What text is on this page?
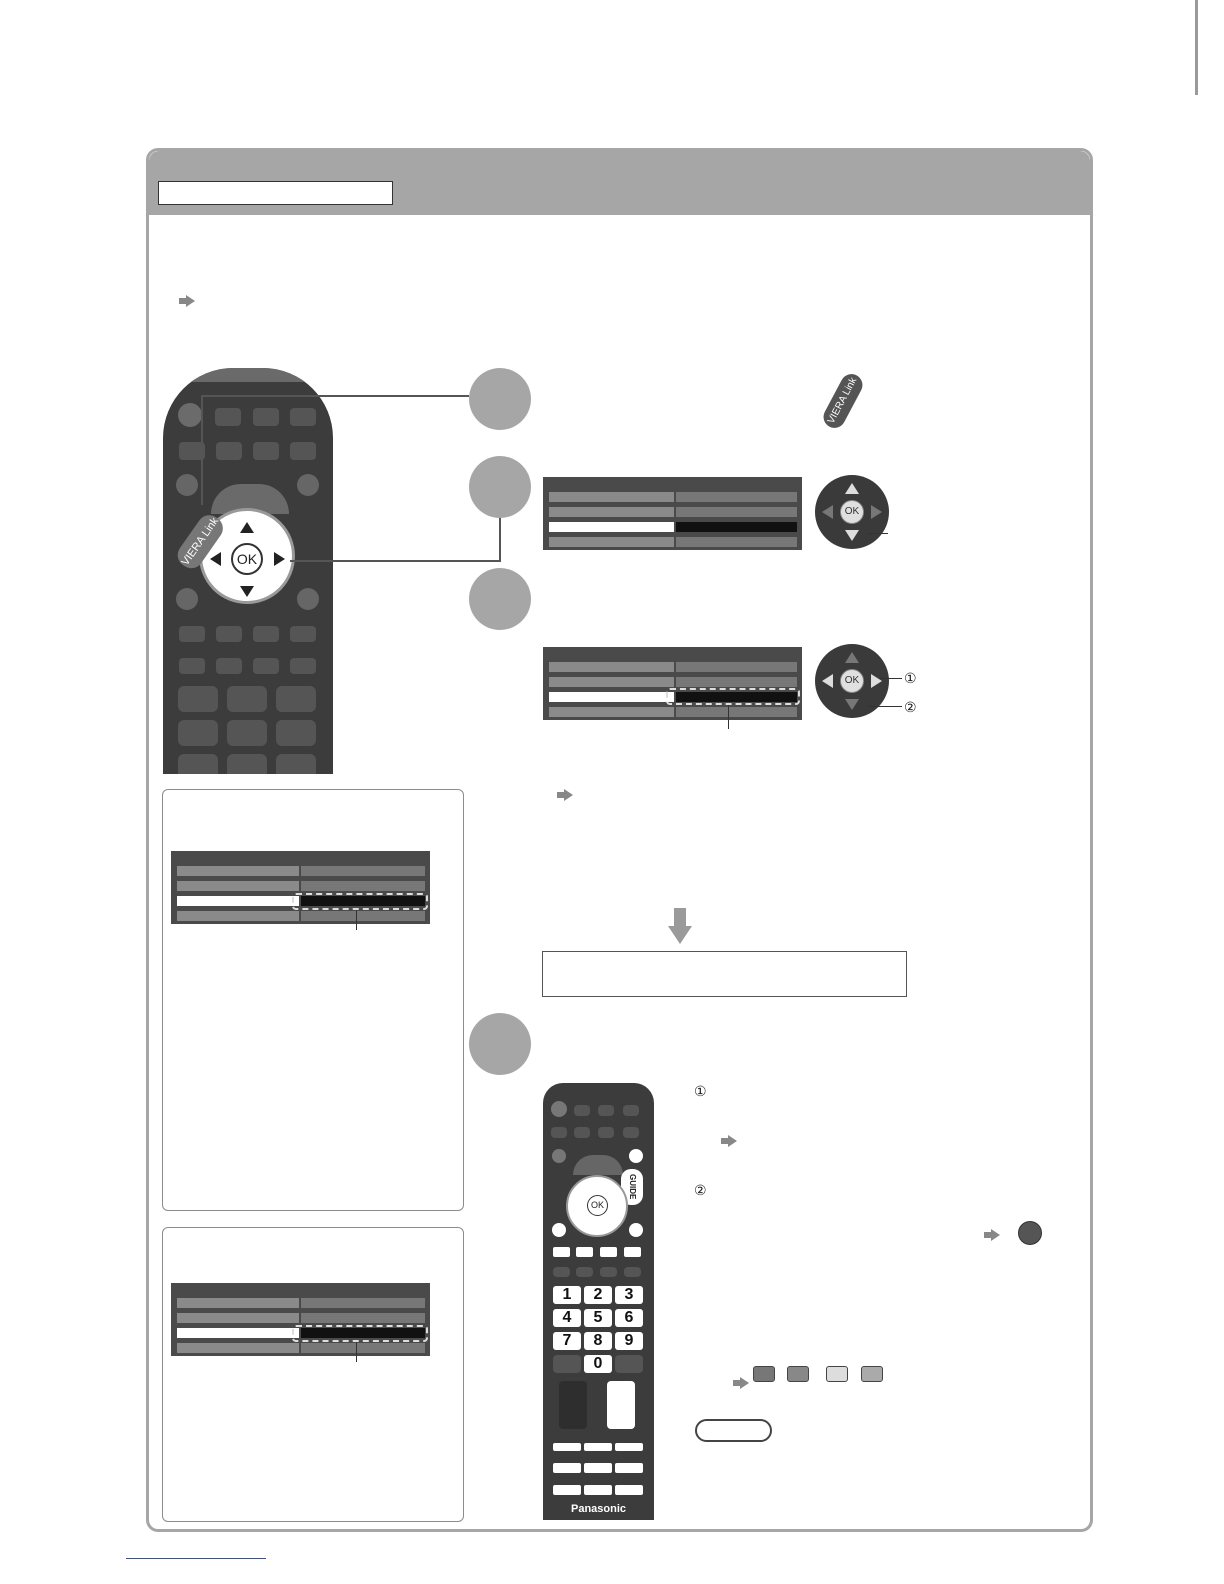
OK
VIERA Link
VIERA Link
OK
OK	①
②
GUIDE
OK
1	2	3
4	5	6
7	8	9
0
Panasonic
①
②
